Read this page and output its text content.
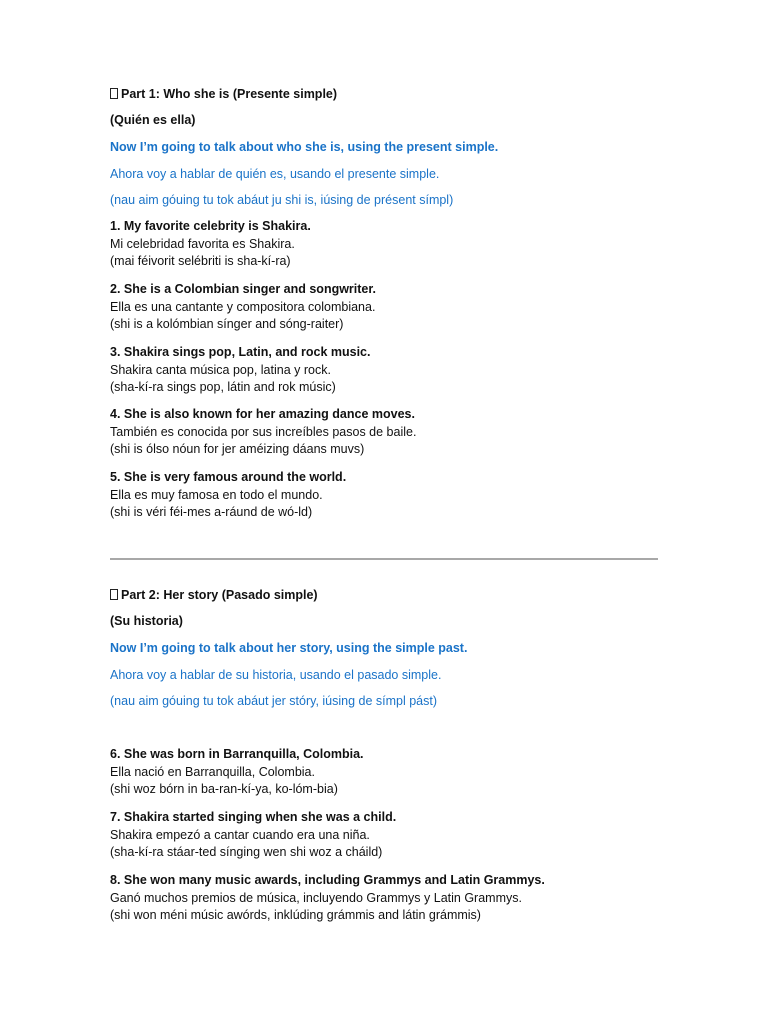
Part 1: Who she is (Presente simple)
(Quién es ella)
Now I’m going to talk about who she is, using the present simple.
Ahora voy a hablar de quién es, usando el presente simple.
(nau aim góuing tu tok abáut ju shi is, iúsing de présent símpl)
1. My favorite celebrity is Shakira.
Mi celebridad favorita es Shakira.
(mai féivorit selébriti is sha-kí-ra)
2. She is a Colombian singer and songwriter.
Ella es una cantante y compositora colombiana.
(shi is a kolómbian sínger and sóng-raiter)
3. Shakira sings pop, Latin, and rock music.
Shakira canta música pop, latina y rock.
(sha-kí-ra sings pop, látin and rok músic)
4. She is also known for her amazing dance moves.
También es conocida por sus increíbles pasos de baile.
(shi is ólso nóun for jer améizing dáans muvs)
5. She is very famous around the world.
Ella es muy famosa en todo el mundo.
(shi is véri féi-mes a-ráund de wó-ld)
Part 2: Her story (Pasado simple)
(Su historia)
Now I’m going to talk about her story, using the simple past.
Ahora voy a hablar de su historia, usando el pasado simple.
(nau aim góuing tu tok abáut jer stóry, iúsing de símpl pást)
6. She was born in Barranquilla, Colombia.
Ella nació en Barranquilla, Colombia.
(shi woz bórn in ba-ran-kí-ya, ko-lóm-bia)
7. Shakira started singing when she was a child.
Shakira empezó a cantar cuando era una niña.
(sha-kí-ra stáar-ted sínging wen shi woz a cháild)
8. She won many music awards, including Grammys and Latin Grammys.
Ganó muchos premios de música, incluyendo Grammys y Latin Grammys.
(shi won méni músic awórds, inklúding grámmis and látin grámmis)
